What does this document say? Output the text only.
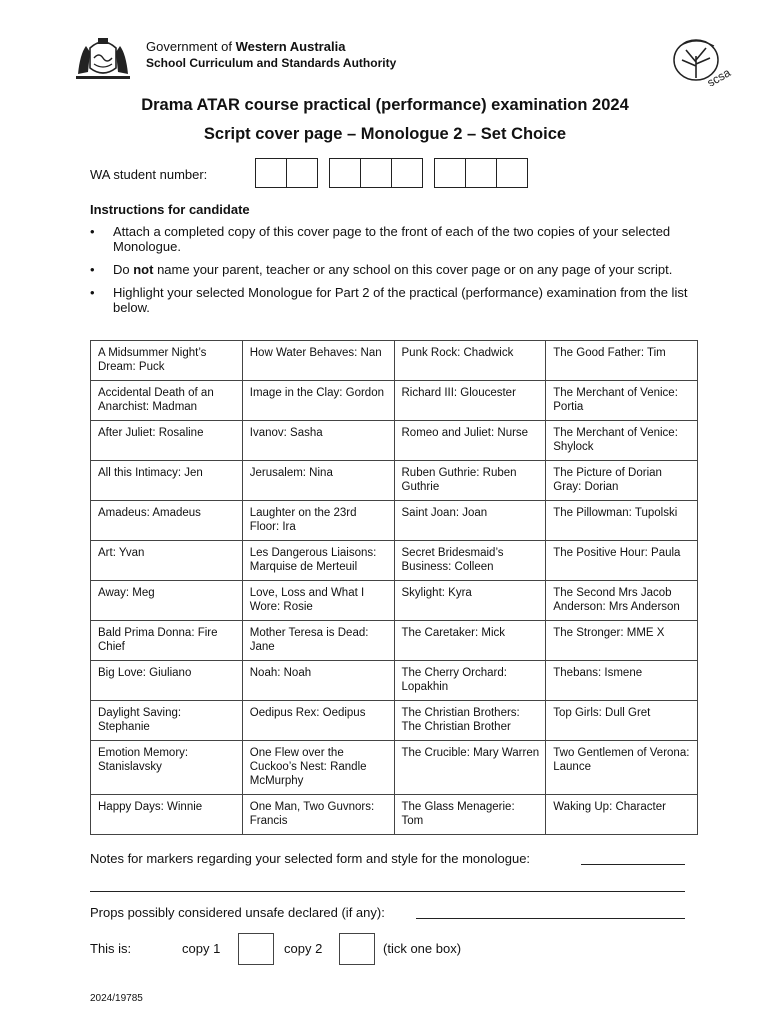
Government of Western Australia
School Curriculum and Standards Authority
scsa
Drama ATAR course practical (performance) examination 2024
Script cover page – Monologue 2 – Set Choice
WA student number:
Instructions for candidate
• Attach a completed copy of this cover page to the front of each of the two copies of your selected Monologue.
• Do not name your parent, teacher or any school on this cover page or on any page of your script.
• Highlight your selected Monologue for Part 2 of the practical (performance) examination from the list below.
A Midsummer Night’s Dream: Puck	How Water Behaves: Nan	Punk Rock: Chadwick	The Good Father: Tim
Accidental Death of an Anarchist: Madman	Image in the Clay: Gordon	Richard III: Gloucester	The Merchant of Venice: Portia
After Juliet: Rosaline	Ivanov: Sasha	Romeo and Juliet: Nurse	The Merchant of Venice: Shylock
All this Intimacy: Jen	Jerusalem: Nina	Ruben Guthrie: Ruben Guthrie	The Picture of Dorian Gray: Dorian
Amadeus: Amadeus	Laughter on the 23rd Floor: Ira	Saint Joan: Joan	The Pillowman: Tupolski
Art: Yvan	Les Dangerous Liaisons: Marquise de Merteuil	Secret Bridesmaid’s Business: Colleen	The Positive Hour: Paula
Away: Meg	Love, Loss and What I Wore: Rosie	Skylight: Kyra	The Second Mrs Jacob Anderson: Mrs Anderson
Bald Prima Donna: Fire Chief	Mother Teresa is Dead: Jane	The Caretaker: Mick	The Stronger: MME X
Big Love: Giuliano	Noah: Noah	The Cherry Orchard: Lopakhin	Thebans: Ismene
Daylight Saving: Stephanie	Oedipus Rex: Oedipus	The Christian Brothers: The Christian Brother	Top Girls: Dull Gret
Emotion Memory: Stanislavsky	One Flew over the Cuckoo’s Nest: Randle McMurphy	The Crucible: Mary Warren	Two Gentlemen of Verona: Launce
Happy Days: Winnie	One Man, Two Guvnors: Francis	The Glass Menagerie: Tom	Waking Up: Character
Notes for markers regarding your selected form and style for the monologue:
Props possibly considered unsafe declared (if any):
This is:	copy 1	copy 2	(tick one box)
2024/19785
